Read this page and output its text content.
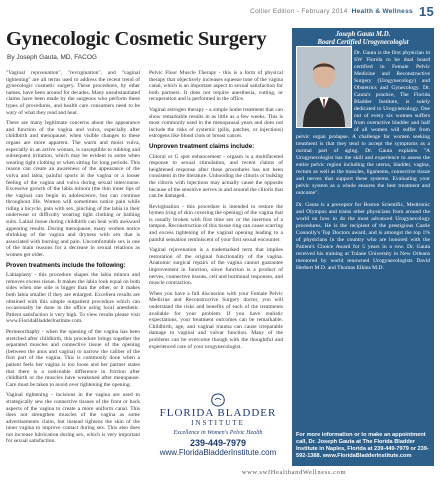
Collier Edition - February 2014 Health & Wellness 15
Gynecologic Cosmetic Surgery
By Joseph Gauta, MD, FACOG

"Vaginal rejuvenation", "revirgination", and "vaginal tightening" are all terms used to address the recent trend of gynecologic cosmetic surgery. These procedures, by other names, have been around for decades. Many unsubstantiated claims have been made by the surgeons who perform these types of procedures, and health care consumers need to be wary of what they read and hear.

There are many legitimate concerns about the appearance and function of the vagina and vulva, especially after childbirth and menopause, when visible changes to these organs are more apparent. The warm and moist vulva, especially in an active woman, is susceptible to rubbing and subsequent irritation, which may be evident to some when wearing tight clothing or when sitting for long periods. This reason can create an awareness of the appearance of the vulva and labia, painful sports in the vagina or a looser feeling of the vagina and vulva during sexual intercourse. Excessive growth of the labia minora (the thin inner lips of the vagina) can begin in adolescence, but can continue throughout life. Women will sometimes notice pain while riding a bicycle, pain with sex, pinching of the labia in their underwear or difficulty wearing tight clothing or bathing suits. Labial tissue during childbirth can heal with awkward appearing results. During menopause, many women notice shrinking of the vagina and dryness with sex that is associated with burning and pain. Uncomfortable sex is one of the main reasons for a decrease in sexual relations as women get older.

Proven treatments include the following:

Labiaplasty - this procedure shapes the labia minora and removes excess tissue. It makes the labia look equal on both sides when one side is bigger than the other, or it makes both labia smaller if they are enlarged. Excellent results are obtained with this simple outpatient procedure which can occasionally be done in the office using local anesthetic. Patient satisfaction is very high. To view results please visit www.FloridaBladderInstitute.com.

Perineorrhaphy - when the opening of the vagina has been stretched after childbirth, this procedure brings together the separated muscles and connective tissue of the opening (between the anus and vagina) to narrow the caliber of the first part of the vagina. This is commonly done when a patient feels her vagina is too loose and her partner states that there is a noticeable difference in friction after childbirth or the muscles have weakened after menopause. Care must be taken to avoid over tightening the opening.

Vaginal tightening - incisions in the vagina are used to strategically sew the connective tissues of the front or back aspects of the vagina to create a more uniform canal. This does not strengthen muscles of the vagina as some advertisements claim, but instead tightens the skin of the inner vagina to improve contact during sex. This also does not increase lubrication during sex, which is very important for sexual satisfaction.

Pelvic Floor Muscle Therapy - this is a form of physical therapy that objectively increases squeeze tone of the vagina canal, which is an important aspect to sexual satisfaction for both partners. It does not require anesthesia, cutting, or recuperation and is performed in the office.

Vaginal estrogen therapy - a simple home treatment that can show remarkable results in as little as a few weeks. This is most commonly used in the menopausal years and does not include the risks of systemic (pills, patches, or injections) estrogens like blood clots or breast cancer.

Unproven treatment claims include:

Clitoral or G spot enhancement - orgasm is a multifaceted response to sexual stimulation, and recent claims of heightened response after these procedures has not been consistent in the literature. Unhooding the clitoris or bulking the clitoris with injections may actually cause the opposite because of the sensitive nerves in and around the clitoris that can be damaged.

Revirgination - this procedure is intended to restore the hymen (ring of skin covering the opening) of the vagina that is usually broken with first time sex or the insertion of a tampon. Reconstruction of this tissue ring can cause scarring and excess tightening of the vaginal opening leading to a painful sensation reminiscent of your first sexual encounter.

Vaginal rejuvenation is a trademarked term that implies restoration of the original functionality of the vagina. Anatomic surgical repairs of the vagina cannot guarantee improvement in function, since function is a product of nerves, connective tissues, cell and hormonal responses, and muscle contraction.

When you have a full discussion with your Female Pelvic Medicine and Reconstructive Surgery doctor, you will understand the risks and benefits of each of the treatments available for your problem. If you have realistic expectations, your treatment outcomes can be remarkable. Childbirth, age, and vaginal trauma can cause irreparable damage to vaginal and vulvar function. Many of the problems can be overcome though with the thoughtful and experienced care of your urogynecologist.

FLORIDA BLADDER
INSTITUTE
Excellence in Women's Pelvic Health
239-449-7979
www.FloridaBladderInstitute.com
Joseph Gauta M.D.
Board Certified Urogynecologist

Dr. Gauta is the first physician in SW Florida to be dual board certified in Female Pelvic Medicine and Reconstructive Surgery (Urogynecology) and Obstetrics and Gynecology. Dr. Gauta's practice, The Florida Bladder Institute, is solely dedicated to Urogynecology. One out of every six women suffers from overactive bladder and half of all women will suffer from pelvic organ prolapse. A challenge for women seeking treatment is that they tend to accept the symptoms as a normal part of aging. Dr. Gauta explains "A Urogynecologist has the skill and experience to assess the entire pelvic region including the uterus, bladder, vagina, rectum as well as the muscles, ligaments, connective tissue and nerves that support these systems. Evaluating your pelvic system as a whole ensures the best treatment and outcome".

Dr. Gauta is a preceptor for Boston Scientific, Medtronic and Olympus and trains other physicians from around the world on how to do the most advanced Urogynecology procedures. He is the recipient of the prestigious Castle Connolly's Top Doctors award, and is amongst the top 1% of physicians in the country who are honored with the Patient's Choice Award for 5 years in a row. Dr. Gauta received his training at Tulane University in New Orleans mentored by world renowned Urogynecologists David Herbert M.D. and Thomas Elkins M.D.

For more information or to make an appointment call, Dr. Joseph Gauta at The Florida Bladder Institute in Naples, Florida at 239-449-7979 or 239-592-1388. www.FloridaBladderInstitute.com
www.swfHealthandWellness.com
